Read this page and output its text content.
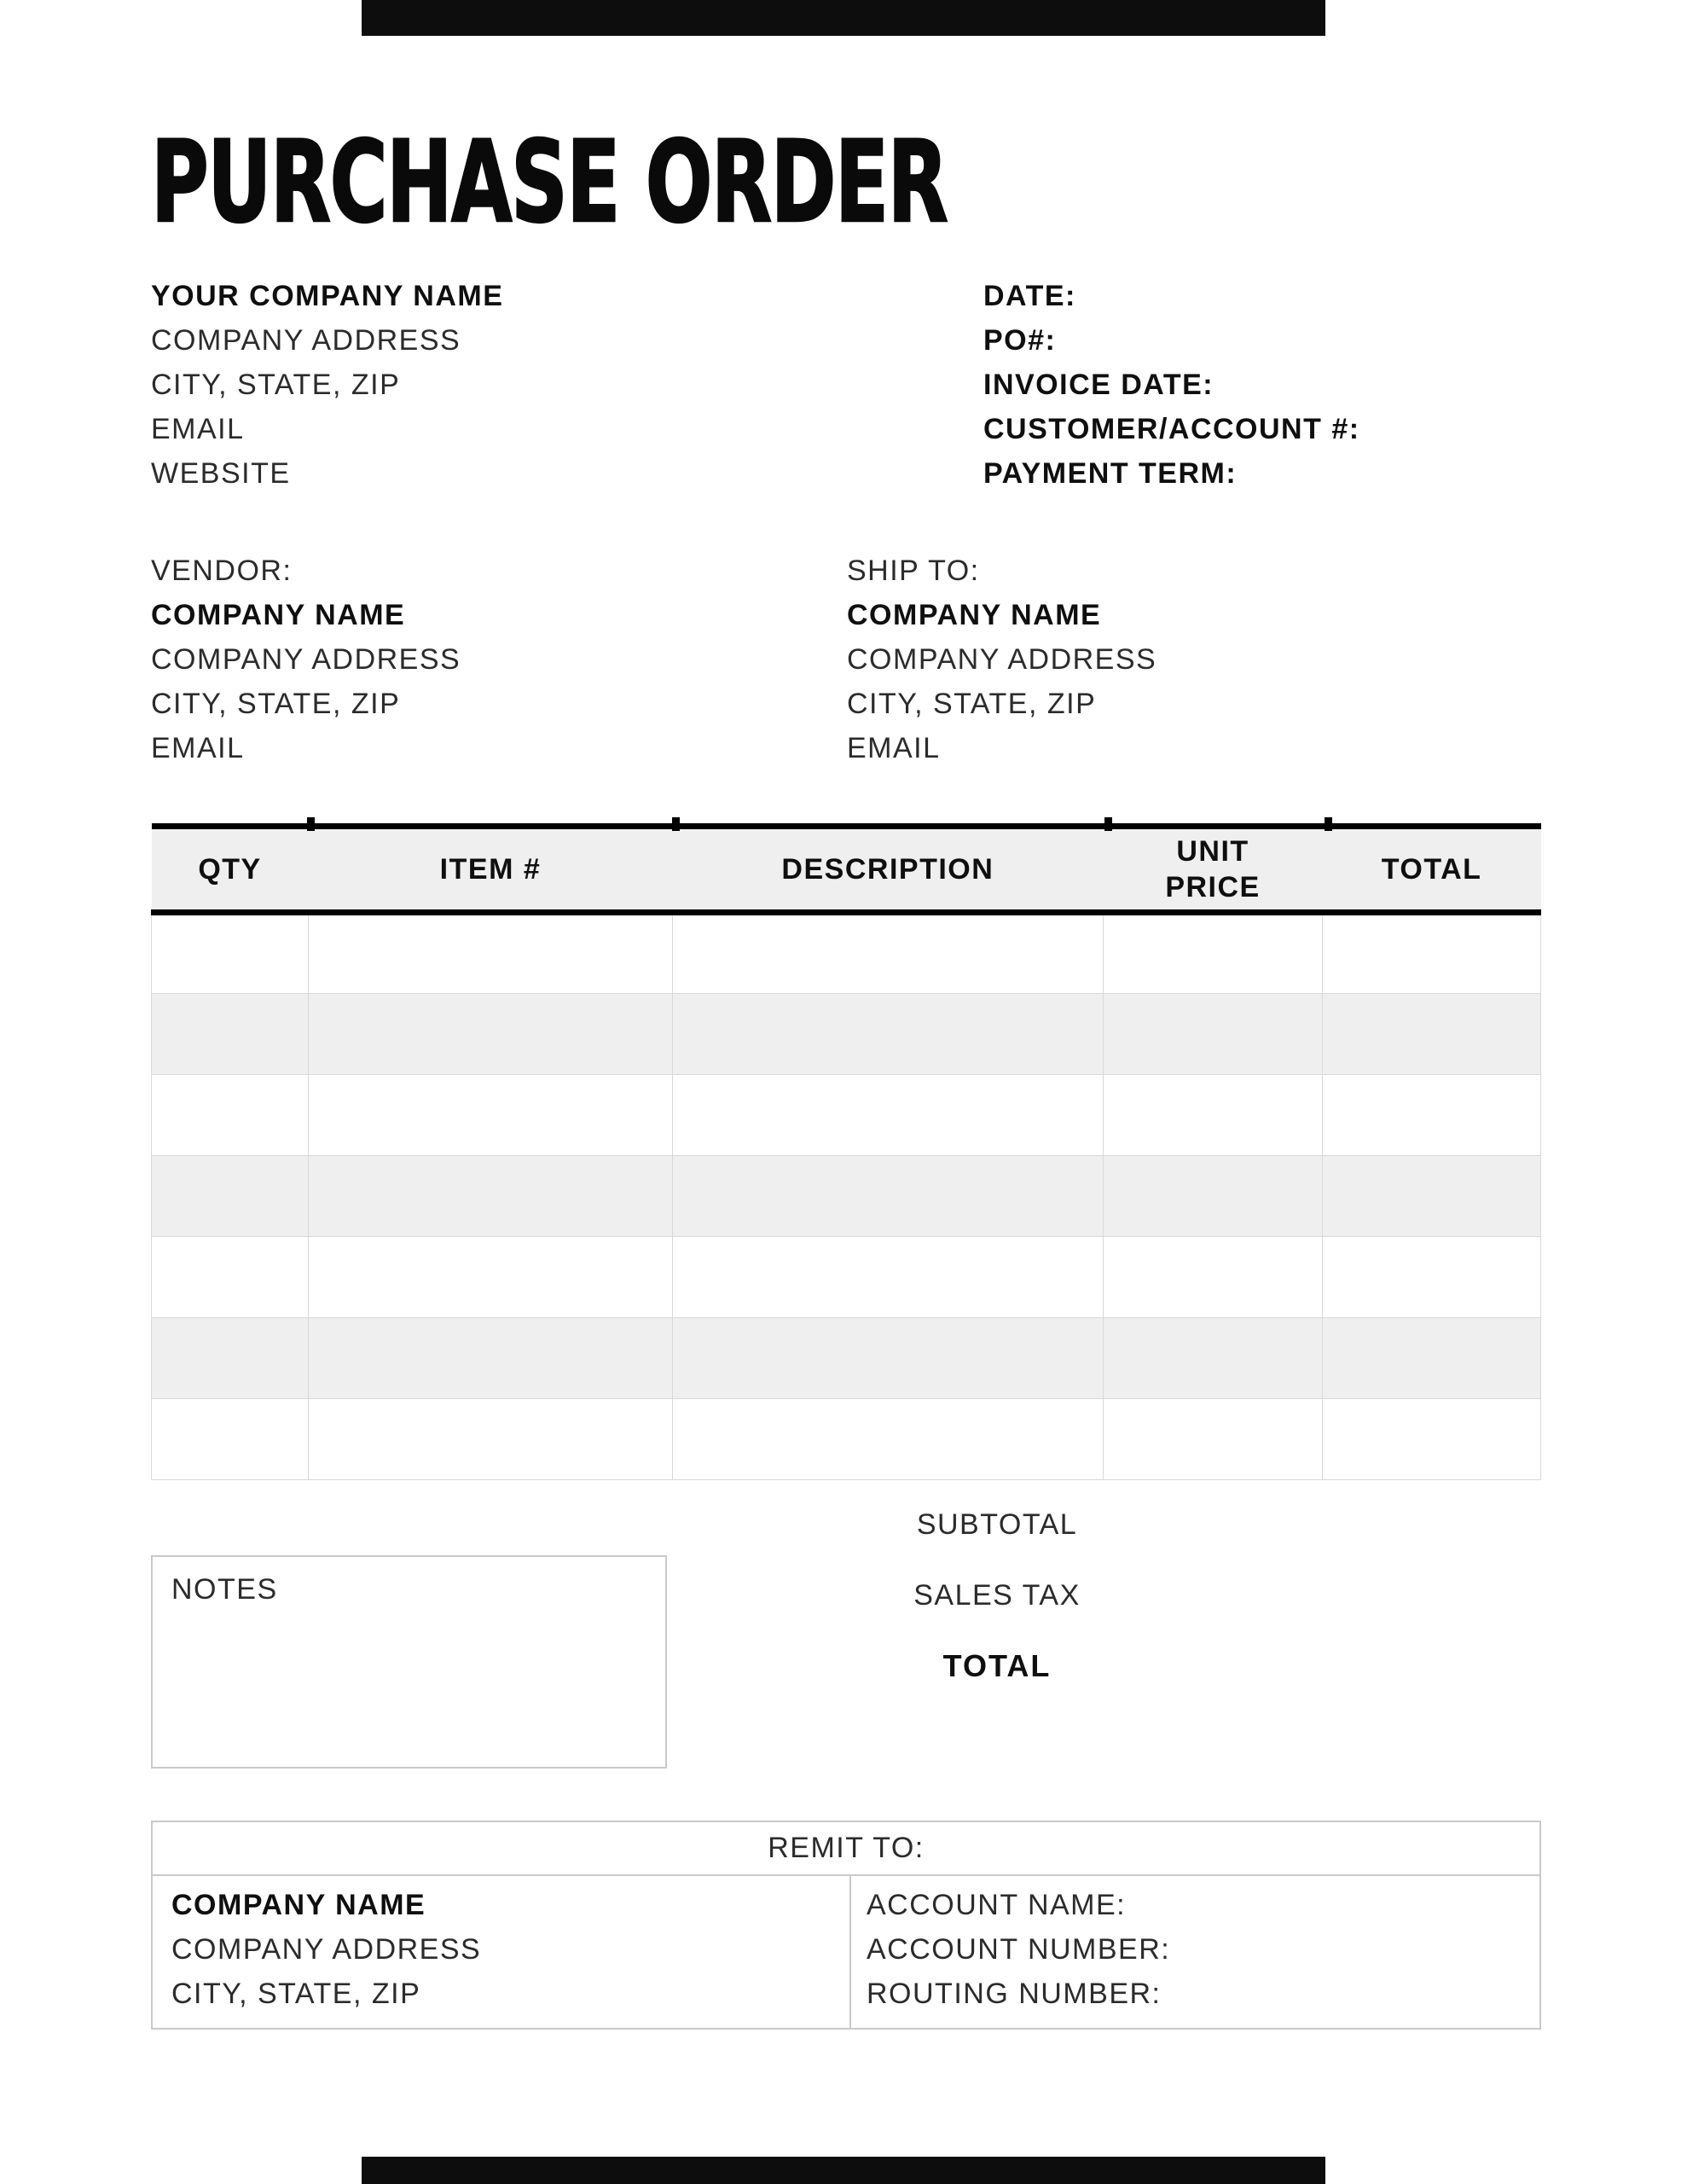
PURCHASE ORDER
YOUR COMPANY NAME
COMPANY ADDRESS
CITY, STATE, ZIP
EMAIL
WEBSITE
DATE:
PO#:
INVOICE DATE:
CUSTOMER/ACCOUNT #:
PAYMENT TERM:
VENDOR:
COMPANY NAME
COMPANY ADDRESS
CITY, STATE, ZIP
EMAIL
SHIP TO:
COMPANY NAME
COMPANY ADDRESS
CITY, STATE, ZIP
EMAIL
QTY	ITEM #	DESCRIPTION	UNIT PRICE	TOTAL

NOTES
SUBTOTAL
SALES TAX
TOTAL
REMIT TO:
COMPANY NAME
COMPANY ADDRESS
CITY, STATE, ZIP
ACCOUNT NAME:
ACCOUNT NUMBER:
ROUTING NUMBER:
